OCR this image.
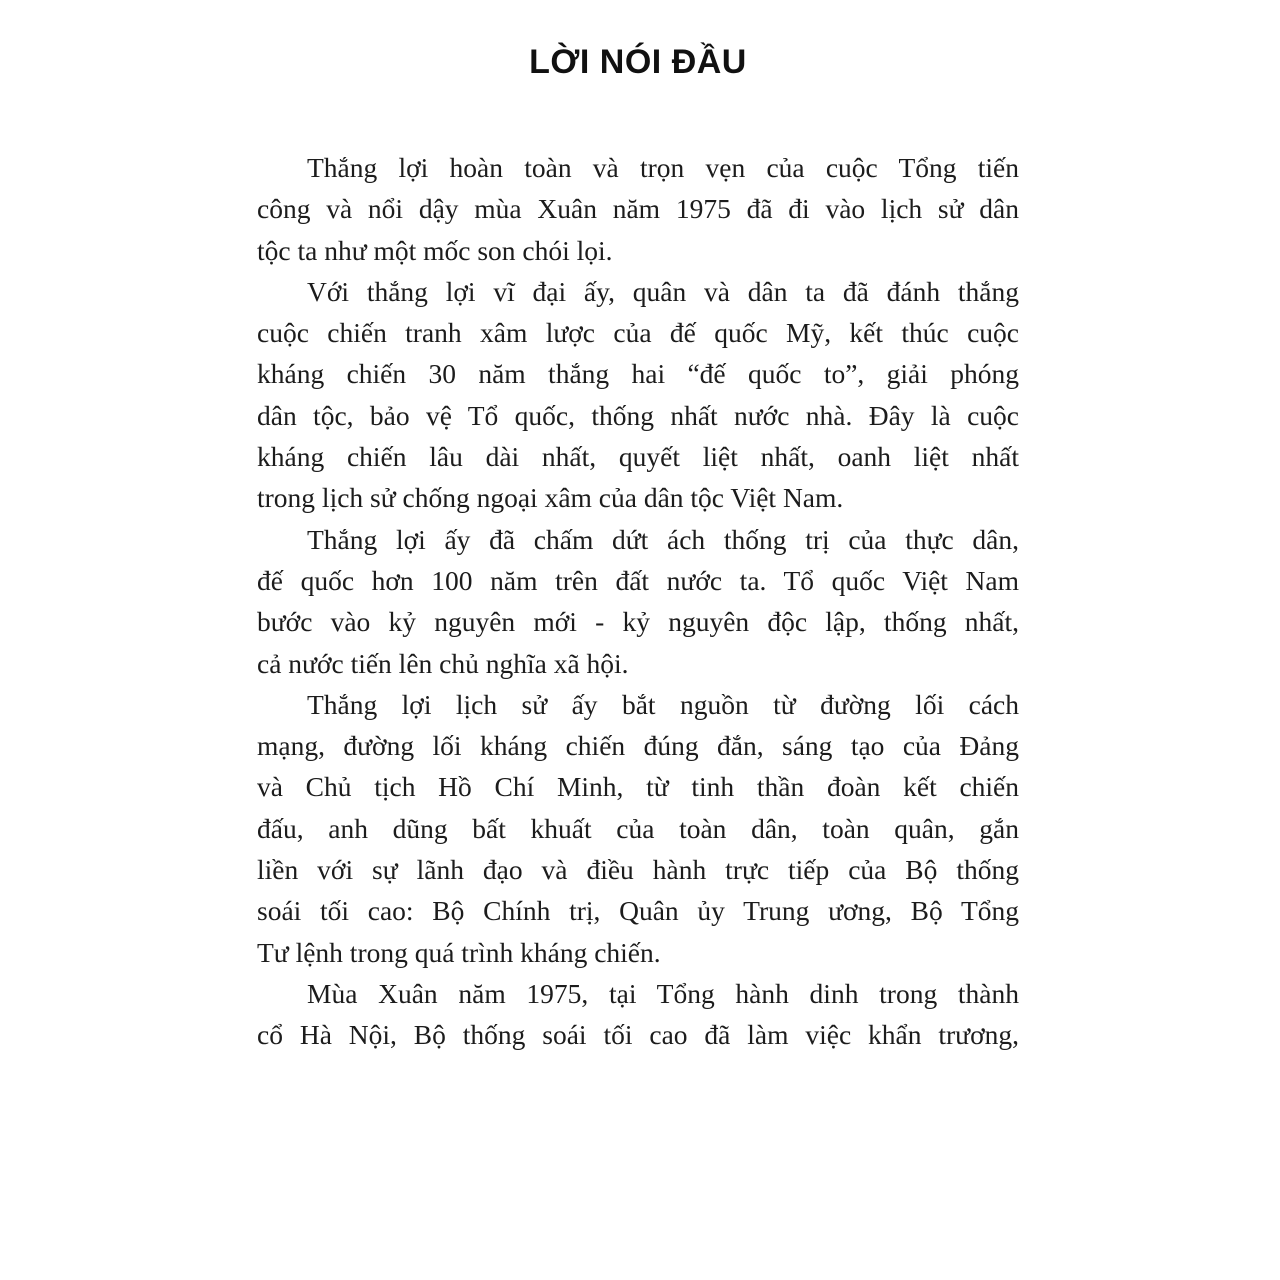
LỜI NÓI ĐẦU
Thắng lợi hoàn toàn và trọn vẹn của cuộc Tổng tiến
công và nổi dậy mùa Xuân năm 1975 đã đi vào lịch sử dân
tộc ta như một mốc son chói lọi.
Với thắng lợi vĩ đại ấy, quân và dân ta đã đánh thắng
cuộc chiến tranh xâm lược của đế quốc Mỹ, kết thúc cuộc
kháng chiến 30 năm thắng hai “đế quốc to”, giải phóng
dân tộc, bảo vệ Tổ quốc, thống nhất nước nhà. Đây là cuộc
kháng chiến lâu dài nhất, quyết liệt nhất, oanh liệt nhất
trong lịch sử chống ngoại xâm của dân tộc Việt Nam.
Thắng lợi ấy đã chấm dứt ách thống trị của thực dân,
đế quốc hơn 100 năm trên đất nước ta. Tổ quốc Việt Nam
bước vào kỷ nguyên mới - kỷ nguyên độc lập, thống nhất,
cả nước tiến lên chủ nghĩa xã hội.
Thắng lợi lịch sử ấy bắt nguồn từ đường lối cách
mạng, đường lối kháng chiến đúng đắn, sáng tạo của Đảng
và Chủ tịch Hồ Chí Minh, từ tinh thần đoàn kết chiến
đấu, anh dũng bất khuất của toàn dân, toàn quân, gắn
liền với sự lãnh đạo và điều hành trực tiếp của Bộ thống
soái tối cao: Bộ Chính trị, Quân ủy Trung ương, Bộ Tổng
Tư lệnh trong quá trình kháng chiến.
Mùa Xuân năm 1975, tại Tổng hành dinh trong thành
cổ Hà Nội, Bộ thống soái tối cao đã làm việc khẩn trương,
